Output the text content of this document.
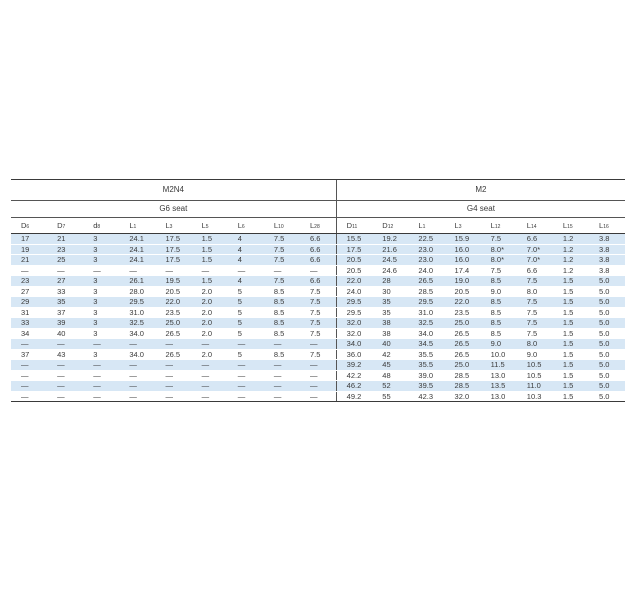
M2N4									M2							
G6 seat									G4 seat							
D6	D7	d8	L1	L3	L5	L6	L10	L28	D11	D12	L1	L3	L12	L14	L15	L16
17	21	3	24.1	17.5	1.5	4	7.5	6.6	15.5	19.2	22.5	15.9	7.5	6.6	1.2	3.8
19	23	3	24.1	17.5	1.5	4	7.5	6.6	17.5	21.6	23.0	16.0	8.0*	7.0*	1.2	3.8
21	25	3	24.1	17.5	1.5	4	7.5	6.6	20.5	24.5	23.0	16.0	8.0*	7.0*	1.2	3.8
—	—	—	—	—	—	—	—	—	20.5	24.6	24.0	17.4	7.5	6.6	1.2	3.8
23	27	3	26.1	19.5	1.5	4	7.5	6.6	22.0	28	26.5	19.0	8.5	7.5	1.5	5.0
27	33	3	28.0	20.5	2.0	5	8.5	7.5	24.0	30	28.5	20.5	9.0	8.0	1.5	5.0
29	35	3	29.5	22.0	2.0	5	8.5	7.5	29.5	35	29.5	22.0	8.5	7.5	1.5	5.0
31	37	3	31.0	23.5	2.0	5	8.5	7.5	29.5	35	31.0	23.5	8.5	7.5	1.5	5.0
33	39	3	32.5	25.0	2.0	5	8.5	7.5	32.0	38	32.5	25.0	8.5	7.5	1.5	5.0
34	40	3	34.0	26.5	2.0	5	8.5	7.5	32.0	38	34.0	26.5	8.5	7.5	1.5	5.0
—	—	—	—	—	—	—	—	—	34.0	40	34.5	26.5	9.0	8.0	1.5	5.0
37	43	3	34.0	26.5	2.0	5	8.5	7.5	36.0	42	35.5	26.5	10.0	9.0	1.5	5.0
—	—	—	—	—	—	—	—	—	39.2	45	35.5	25.0	11.5	10.5	1.5	5.0
—	—	—	—	—	—	—	—	—	42.2	48	39.0	28.5	13.0	10.5	1.5	5.0
—	—	—	—	—	—	—	—	—	46.2	52	39.5	28.5	13.5	11.0	1.5	5.0
—	—	—	—	—	—	—	—	—	49.2	55	42.3	32.0	13.0	10.3	1.5	5.0
